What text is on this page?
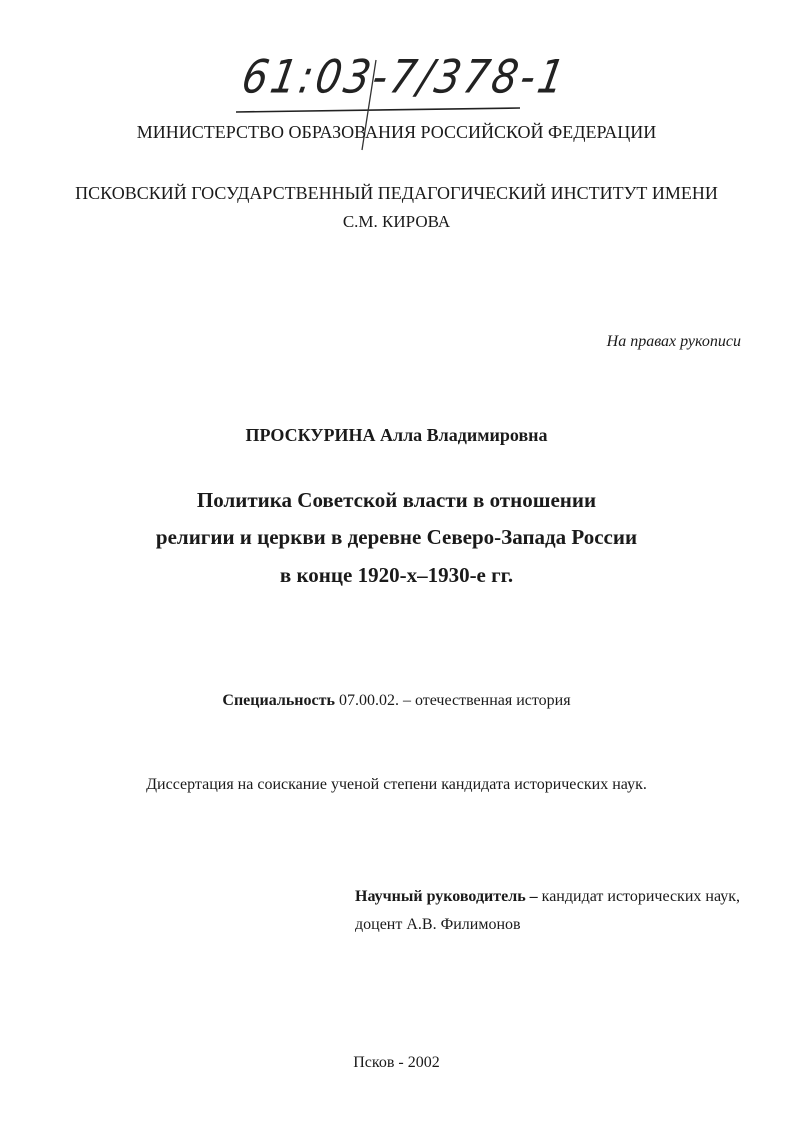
61:03-7/378-1
МИНИСТЕРСТВО ОБРАЗОВАНИЯ РОССИЙСКОЙ ФЕДЕРАЦИИ
ПСКОВСКИЙ ГОСУДАРСТВЕННЫЙ ПЕДАГОГИЧЕСКИЙ ИНСТИТУТ ИМЕНИ
С.М. КИРОВА
На правах рукописи
ПРОСКУРИНА Алла Владимировна
Политика Советской власти в отношении
религии и церкви в деревне Северо-Запада России
в конце 1920-х–1930-е гг.
Специальность 07.00.02. – отечественная история
Диссертация на соискание ученой степени кандидата исторических наук.
Научный руководитель – кандидат исторических наук,
доцент А.В. Филимонов
Псков - 2002
